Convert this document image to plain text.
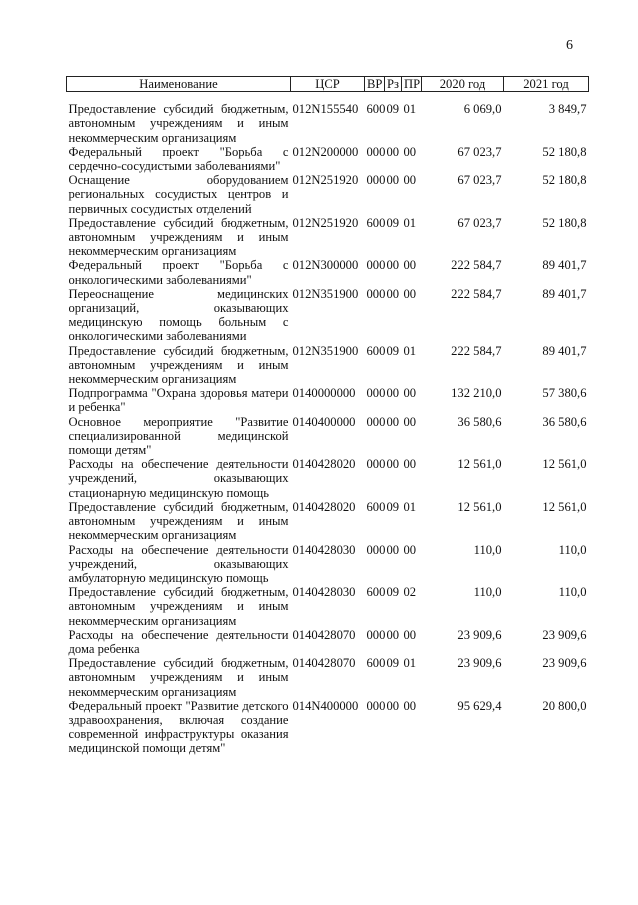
6
Наименование	ЦСР	ВР	Рз	ПР	2020 год	2021 год
Предоставление субсидий бюджетным, автономным учреждениям и иным некоммерческим организациям	012N155540	600	09	01	6 069,0	3 849,7
Федеральный проект "Борьба с сердечно-сосудистыми заболеваниями"	012N200000	000	00	00	67 023,7	52 180,8
Оснащение оборудованием региональных сосудистых центров и первичных сосудистых отделений	012N251920	000	00	00	67 023,7	52 180,8
Предоставление субсидий бюджетным, автономным учреждениям и иным некоммерческим организациям	012N251920	600	09	01	67 023,7	52 180,8
Федеральный проект "Борьба с онкологическими заболеваниями"	012N300000	000	00	00	222 584,7	89 401,7
Переоснащение медицинских организаций, оказывающих медицинскую помощь больным с онкологическими заболеваниями	012N351900	000	00	00	222 584,7	89 401,7
Предоставление субсидий бюджетным, автономным учреждениям и иным некоммерческим организациям	012N351900	600	09	01	222 584,7	89 401,7
Подпрограмма "Охрана здоровья матери и ребенка"	0140000000	000	00	00	132 210,0	57 380,6
Основное мероприятие "Развитие специализированной медицинской помощи детям"	0140400000	000	00	00	36 580,6	36 580,6
Расходы на обеспечение деятельности учреждений, оказывающих стационарную медицинскую помощь	0140428020	000	00	00	12 561,0	12 561,0
Предоставление субсидий бюджетным, автономным учреждениям и иным некоммерческим организациям	0140428020	600	09	01	12 561,0	12 561,0
Расходы на обеспечение деятельности учреждений, оказывающих амбулаторную медицинскую помощь	0140428030	000	00	00	110,0	110,0
Предоставление субсидий бюджетным, автономным учреждениям и иным некоммерческим организациям	0140428030	600	09	02	110,0	110,0
Расходы на обеспечение деятельности дома ребенка	0140428070	000	00	00	23 909,6	23 909,6
Предоставление субсидий бюджетным, автономным учреждениям и иным некоммерческим организациям	0140428070	600	09	01	23 909,6	23 909,6
Федеральный проект "Развитие детского здравоохранения, включая создание современной инфраструктуры оказания медицинской помощи детям"	014N400000	000	00	00	95 629,4	20 800,0
